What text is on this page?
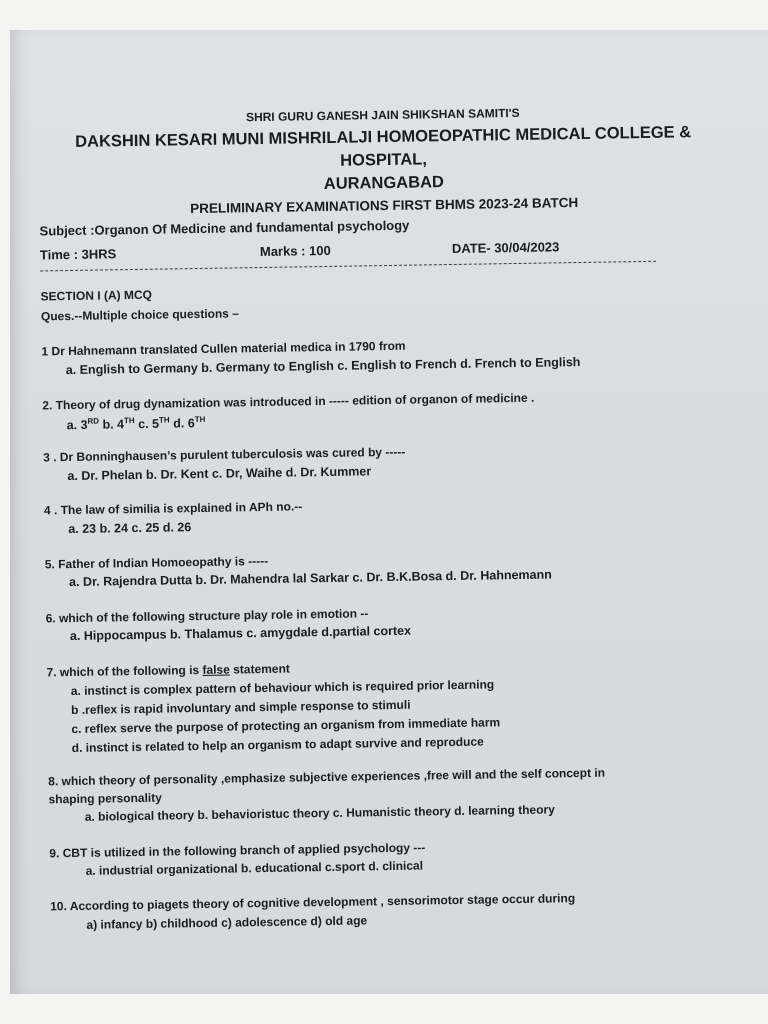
SHRI GURU GANESH JAIN SHIKSHAN SAMITI'S
DAKSHIN KESARI MUNI MISHRILALJI HOMOEOPATHIC MEDICAL COLLEGE &
HOSPITAL,
AURANGABAD
PRELIMINARY EXAMINATIONS FIRST BHMS 2023-24 BATCH
Subject :Organon Of Medicine and fundamental psychology
Time : 3HRS	Marks : 100	DATE- 30/04/2023
SECTION I (A) MCQ
Ques.--Multiple choice questions –
1 Dr Hahnemann translated Cullen material medica in 1790 from
a. English to Germany b. Germany to English c. English to French d. French to English
2. Theory of drug dynamization was introduced in ----- edition of organon of medicine .
a. 3RD b. 4TH c. 5TH d. 6TH
3 . Dr Bonninghausen’s purulent tuberculosis was cured by -----
a. Dr. Phelan b. Dr. Kent c. Dr, Waihe d. Dr. Kummer
4 . The law of similia is explained in APh no.--
a. 23 b. 24 c. 25 d. 26
5. Father of Indian Homoeopathy is -----
a. Dr. Rajendra Dutta b. Dr. Mahendra lal Sarkar c. Dr. B.K.Bosa d. Dr. Hahnemann
6. which of the following structure play role in emotion --
a. Hippocampus b. Thalamus c. amygdale d.partial cortex
7. which of the following is false statement
a. instinct is complex pattern of behaviour which is required prior learning
b .reflex is rapid involuntary and simple response to stimuli
c. reflex serve the purpose of protecting an organism from immediate harm
d. instinct is related to help an organism to adapt survive and reproduce
8. which theory of personality ,emphasize subjective experiences ,free will and the self concept in
shaping personality
a. biological theory b. behavioristuc theory c. Humanistic theory d. learning theory
9. CBT is utilized in the following branch of applied psychology ---
a. industrial organizational b. educational c.sport d. clinical
10. According to piagets theory of cognitive development , sensorimotor stage occur during
a) infancy b) childhood c) adolescence d) old age
